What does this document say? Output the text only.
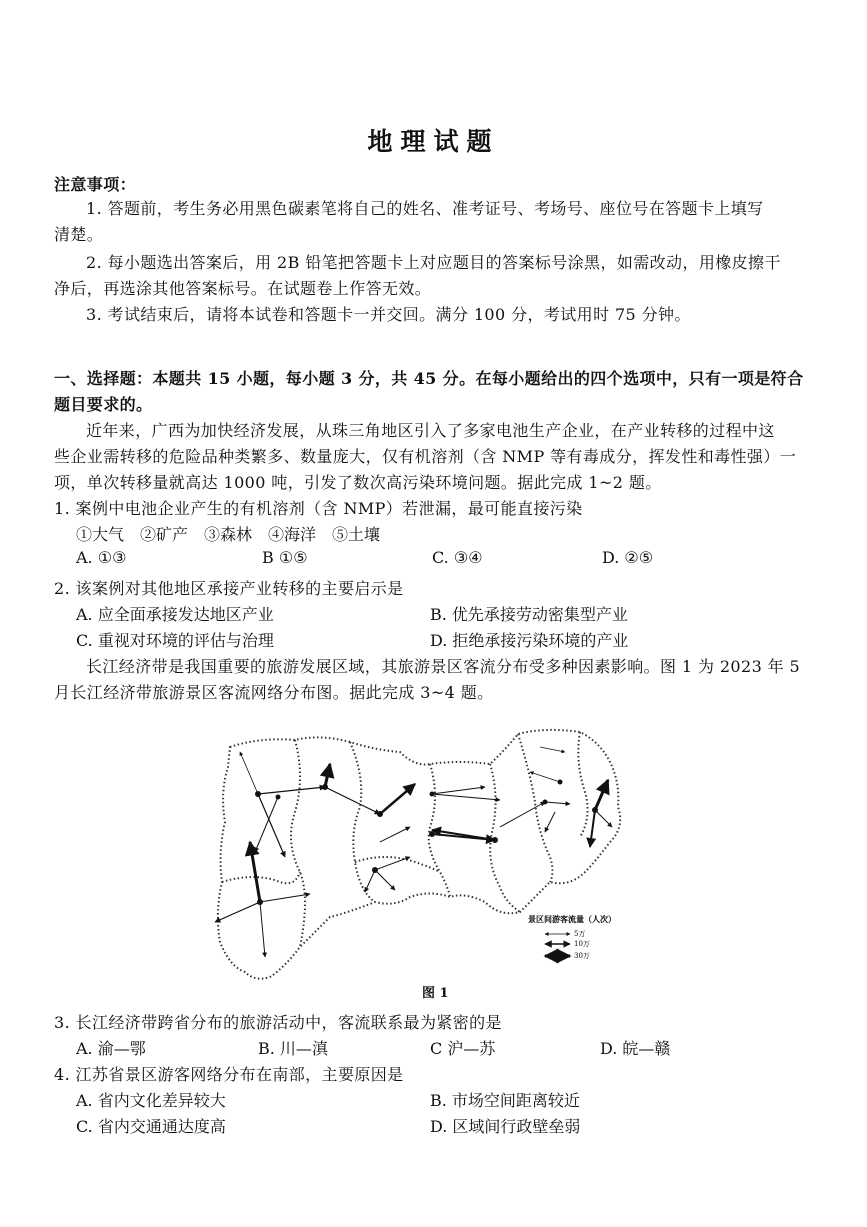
地理试题
注意事项：
1. 答题前，考生务必用黑色碳素笔将自己的姓名、准考证号、考场号、座位号在答题卡上填写
清楚。
2. 每小题选出答案后，用 2B 铅笔把答题卡上对应题目的答案标号涂黑，如需改动，用橡皮擦干
净后，再选涂其他答案标号。在试题卷上作答无效。
3. 考试结束后，请将本试卷和答题卡一并交回。满分 100 分，考试用时 75 分钟。
一、选择题：本题共 15 小题，每小题 3 分，共 45 分。在每小题给出的四个选项中，只有一项是符合
题目要求的。
近年来，广西为加快经济发展，从珠三角地区引入了多家电池生产企业，在产业转移的过程中这
些企业需转移的危险品种类繁多、数量庞大，仅有机溶剂（含 NMP 等有毒成分，挥发性和毒性强）一
项，单次转移量就高达 1000 吨，引发了数次高污染环境问题。据此完成 1~2 题。
1. 案例中电池企业产生的有机溶剂（含 NMP）若泄漏，最可能直接污染
①大气　②矿产　③森林　④海洋　⑤土壤
A. ①③	B ①⑤	C. ③④	D. ②⑤
2. 该案例对其他地区承接产业转移的主要启示是
A. 应全面承接发达地区产业	B. 优先承接劳动密集型产业
C. 重视对环境的评估与治理	D. 拒绝承接污染环境的产业
长江经济带是我国重要的旅游发展区域，其旅游景区客流分布受多种因素影响。图 1 为 2023 年 5
月长江经济带旅游景区客流网络分布图。据此完成 3~4 题。
景区间游客流量（人次）
5万
10万
30万
图 1
3. 长江经济带跨省分布的旅游活动中，客流联系最为紧密的是
A. 渝—鄂	B. 川—滇	C 沪—苏	D. 皖—赣
4. 江苏省景区游客网络分布在南部，主要原因是
A. 省内文化差异较大	B. 市场空间距离较近
C. 省内交通通达度高	D. 区域间行政壁垒弱
